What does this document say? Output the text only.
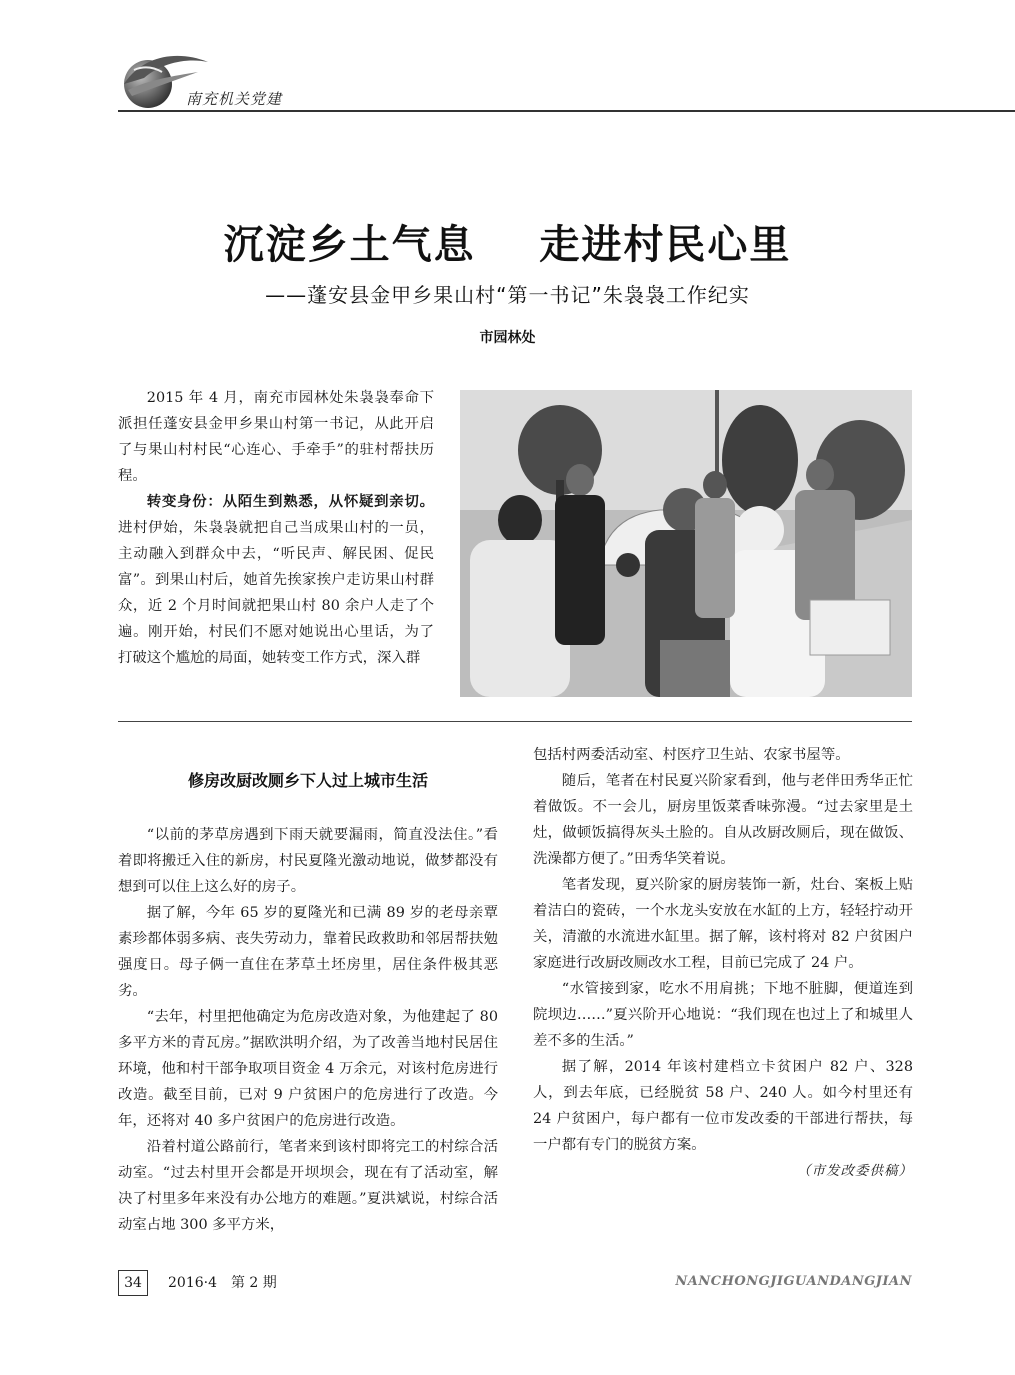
南充机关党建
沉淀乡土气息    走进村民心里
——蓬安县金甲乡果山村“第一书记”朱袅袅工作纪实
市园林处

2015 年 4 月，南充市园林处朱袅袅奉命下派担任蓬安县金甲乡果山村第一书记，从此开启了与果山村村民“心连心、手牵手”的驻村帮扶历程。

转变身份：从陌生到熟悉，从怀疑到亲切。进村伊始，朱袅袅就把自己当成果山村的一员，主动融入到群众中去，“听民声、解民困、促民富”。到果山村后，她首先挨家挨户走访果山村群众，近 2 个月时间就把果山村 80 余户人走了个遍。刚开始，村民们不愿对她说出心里话，为了打破这个尴尬的局面，她转变工作方式，深入群

修房改厨改厕乡下人过上城市生活

“以前的茅草房遇到下雨天就要漏雨，简直没法住。”看着即将搬迁入住的新房，村民夏隆光激动地说，做梦都没有想到可以住上这么好的房子。

据了解，今年 65 岁的夏隆光和已满 89 岁的老母亲覃素珍都体弱多病、丧失劳动力，靠着民政救助和邻居帮扶勉强度日。母子俩一直住在茅草土坯房里，居住条件极其恶劣。

“去年，村里把他确定为危房改造对象，为他建起了 80 多平方米的青瓦房。”据欧洪明介绍，为了改善当地村民居住环境，他和村干部争取项目资金 4 万余元，对该村危房进行改造。截至目前，已对 9 户贫困户的危房进行了改造。今年，还将对 40 多户贫困户的危房进行改造。

沿着村道公路前行，笔者来到该村即将完工的村综合活动室。“过去村里开会都是开坝坝会，现在有了活动室，解决了村里多年来没有办公地方的难题。”夏洪斌说，村综合活动室占地 300 多平方米，

包括村两委活动室、村医疗卫生站、农家书屋等。

随后，笔者在村民夏兴阶家看到，他与老伴田秀华正忙着做饭。不一会儿，厨房里饭菜香味弥漫。“过去家里是土灶，做顿饭搞得灰头土脸的。自从改厨改厕后，现在做饭、洗澡都方便了。”田秀华笑着说。

笔者发现，夏兴阶家的厨房装饰一新，灶台、案板上贴着洁白的瓷砖，一个水龙头安放在水缸的上方，轻轻拧动开关，清澈的水流进水缸里。据了解，该村将对 82 户贫困户家庭进行改厨改厕改水工程，目前已完成了 24 户。

“水管接到家，吃水不用肩挑；下地不脏脚，便道连到院坝边……”夏兴阶开心地说：“我们现在也过上了和城里人差不多的生活。”

据了解，2014 年该村建档立卡贫困户 82 户、328 人，到去年底，已经脱贫 58 户、240 人。如今村里还有 24 户贫困户，每户都有一位市发改委的干部进行帮扶，每一户都有专门的脱贫方案。

（市发改委供稿）
34	2016·4　第 2 期	NANCHONGJIGUANDANGJIAN
